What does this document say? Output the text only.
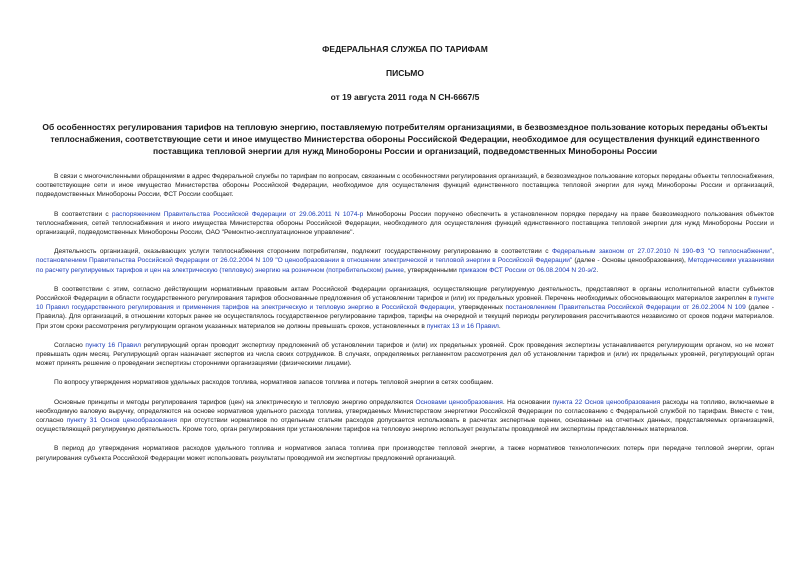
ФЕДЕРАЛЬНАЯ СЛУЖБА ПО ТАРИФАМ

ПИСЬМО

от 19 августа 2011 года N СН-6667/5

Об особенностях регулирования тарифов на тепловую энергию, поставляемую потребителям организациями, в безвозмездное пользование которых переданы объекты теплоснабжения, соответствующие сети и иное имущество Министерства обороны Российской Федерации, необходимое для осуществления функций единственного поставщика тепловой энергии для нужд Минобороны России и организаций, подведомственных Минобороны России

В связи с многочисленными обращениями в адрес Федеральной службы по тарифам по вопросам, связанным с особенностями регулирования организаций, в безвозмездное пользование которых переданы объекты теплоснабжения, соответствующие сети и иное имущество Министерства обороны Российской Федерации, необходимое для осуществления функций единственного поставщика тепловой энергии для нужд Минобороны России и организаций, подведомственных Минобороны России, ФСТ России сообщает.

В соответствии с распоряжением Правительства Российской Федерации от 29.06.2011 N 1074-р Минобороны России поручено обеспечить в установленном порядке передачу на праве безвозмездного пользования объектов теплоснабжения, сетей теплоснабжения и иного имущества Министерства обороны Российской Федерации, необходимого для осуществления функций единственного поставщика тепловой энергии для нужд Минобороны России и организаций, подведомственных Минобороны России, ОАО "Ремонтно-эксплуатационное управление".

Деятельность организаций, оказывающих услуги теплоснабжения сторонним потребителям, подлежит государственному регулированию в соответствии с Федеральным законом от 27.07.2010 N 190-ФЗ "О теплоснабжении", постановлением Правительства Российской Федерации от 26.02.2004 N 109 "О ценообразовании в отношении электрической и тепловой энергии в Российской Федерации" (далее - Основы ценообразования), Методическими указаниями по расчету регулируемых тарифов и цен на электрическую (тепловую) энергию на розничном (потребительском) рынке, утвержденными приказом ФСТ России от 06.08.2004 N 20-э/2.

В соответствии с этим, согласно действующим нормативным правовым актам Российской Федерации организация, осуществляющие регулируемую деятельность, представляют в органы исполнительной власти субъектов Российской Федерации в области государственного регулирования тарифов обоснованные предложения об установлении тарифов и (или) их предельных уровней. Перечень необходимых обосновывающих материалов закреплен в пункте 10 Правил государственного регулирования и применения тарифов на электрическую и тепловую энергию в Российской Федерации, утвержденных постановлением Правительства Российской Федерации от 26.02.2004 N 109 (далее - Правила). Для организаций, в отношении которых ранее не осуществлялось государственное регулирование тарифов, тарифы на очередной и текущий периоды регулирования рассчитываются независимо от сроков подачи материалов. При этом сроки рассмотрения регулирующим органом указанных материалов не должны превышать сроков, установленных в пунктах 13 и 16 Правил.

Согласно пункту 16 Правил регулирующий орган проводит экспертизу предложений об установлении тарифов и (или) их предельных уровней. Срок проведения экспертизы устанавливается регулирующим органом, но не может превышать один месяц. Регулирующий орган назначает экспертов из числа своих сотрудников. В случаях, определяемых регламентом рассмотрения дел об установлении тарифов и (или) их предельных уровней, регулирующий орган может принять решение о проведении экспертизы сторонними организациями (физическими лицами).

По вопросу утверждения нормативов удельных расходов топлива, нормативов запасов топлива и потерь тепловой энергии в сетях сообщаем.

Основные принципы и методы регулирования тарифов (цен) на электрическую и тепловую энергию определяются Основами ценообразования. На основании пункта 22 Основ ценообразования расходы на топливо, включаемые в необходимую валовую выручку, определяются на основе нормативов удельного расхода топлива, утверждаемых Министерством энергетики Российской Федерации по согласованию с Федеральной службой по тарифам. Вместе с тем, согласно пункту 31 Основ ценообразования при отсутствии нормативов по отдельным статьям расходов допускается использовать в расчетах экспертные оценки, основанные на отчетных данных, представляемых организацией, осуществляющей регулируемую деятельность. Кроме того, орган регулирования при установлении тарифов на тепловую энергию использует результаты проводимой им экспертизы представленных материалов.

В период до утверждения нормативов расходов удельного топлива и нормативов запаса топлива при производстве тепловой энергии, а также нормативов технологических потерь при передаче тепловой энергии, орган регулирования субъекта Российской Федерации может использовать результаты проводимой им экспертизы предложений организаций.
